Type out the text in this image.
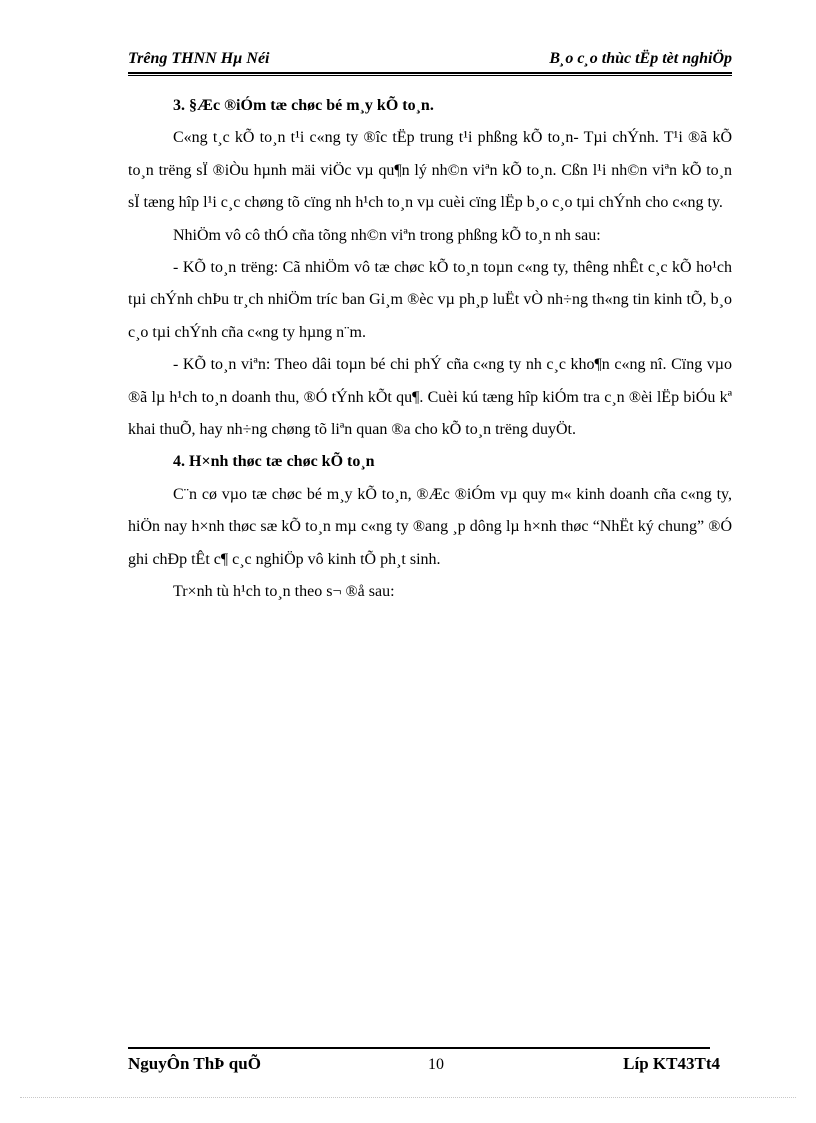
Trêng THNN Hµ Néi	B¸o c¸o thùc tËp tèt nghiÖp

3. §Æc ®iÓm tæ chøc bé m¸y kÕ to¸n.

C«ng t¸c kÕ to¸n t¹i c«ng ty ®îc tËp trung t¹i phßng kÕ to¸n- Tµi chÝnh. T¹i ®ã kÕ to¸n trëng sÏ ®iÒu hµnh mäi viÖc vµ qu¶n lý nh©n viªn kÕ to¸n. Cßn l¹i nh©n viªn kÕ to¸n sÏ tæng hîp l¹i c¸c chøng tõ cïng nh h¹ch to¸n vµ cuèi cïng lËp b¸o c¸o tµi chÝnh cho c«ng ty.

NhiÖm vô cô thÓ cña tõng nh©n viªn trong phßng kÕ to¸n nh sau:

- KÕ to¸n trëng: Cã nhiÖm vô tæ chøc kÕ to¸n toµn c«ng ty, thêng nhÊt c¸c kÕ ho¹ch tµi chÝnh chÞu tr¸ch nhiÖm tríc ban Gi¸m ®èc vµ ph¸p luËt vÒ nh÷ng th«ng tin kinh tÕ, b¸o c¸o tµi chÝnh cña c«ng ty hµng n¨m.

- KÕ to¸n viªn: Theo dâi toµn bé chi phÝ cña c«ng ty nh c¸c kho¶n c«ng nî. Cïng vµo ®ã lµ h¹ch to¸n doanh thu, ®Ó tÝnh kÕt qu¶. Cuèi kú tæng hîp kiÓm tra c¸n ®èi lËp biÓu kª khai thuÕ, hay nh÷ng chøng tõ liªn quan ®a cho kÕ to¸n trëng duyÖt.

4. H×nh thøc tæ chøc kÕ to¸n

C¨n cø vµo tæ chøc bé m¸y kÕ to¸n, ®Æc ®iÓm vµ quy m« kinh doanh cña c«ng ty, hiÖn nay h×nh thøc sæ kÕ to¸n mµ c«ng ty ®ang ¸p dông lµ h×nh thøc “NhËt ký chung” ®Ó ghi chÐp tÊt c¶ c¸c nghiÖp vô kinh tÕ ph¸t sinh.

Tr×nh tù h¹ch to¸n theo s¬ ®å sau:

NguyÔn ThÞ quÕ	10	Líp KT43Tt4
